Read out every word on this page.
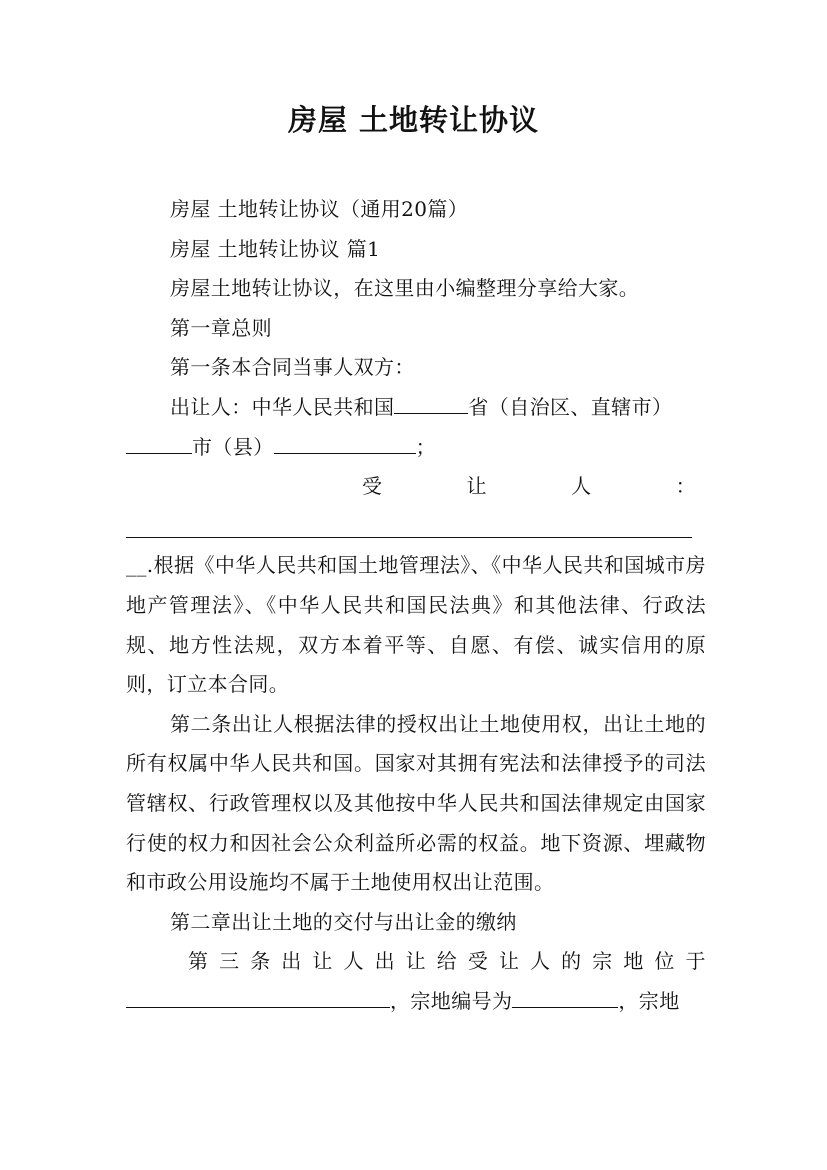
房屋 土地转让协议

房屋 土地转让协议（通用20篇）

房屋 土地转让协议 篇1

房屋土地转让协议，在这里由小编整理分享给大家。

第一章总则

第一条本合同当事人双方：

出让人：中华人民共和国	省（自治区、直辖市）

市（县）	；

受	让	人	：

__.根据《中华人民共和国土地管理法》、《中华人民共和国城市房地产管理法》、《中华人民共和国民法典》和其他法律、行政法规、地方性法规，双方本着平等、自愿、有偿、诚实信用的原则，订立本合同。

第二条出让人根据法律的授权出让土地使用权，出让土地的所有权属中华人民共和国。国家对其拥有宪法和法律授予的司法管辖权、行政管理权以及其他按中华人民共和国法律规定由国家行使的权力和因社会公众利益所必需的权益。地下资源、埋藏物和市政公用设施均不属于土地使用权出让范围。

第二章出让土地的交付与出让金的缴纳

第 三 条 出 让 人 出 让 给 受 让 人 的 宗 地 位 于

，宗地编号为	，宗地
